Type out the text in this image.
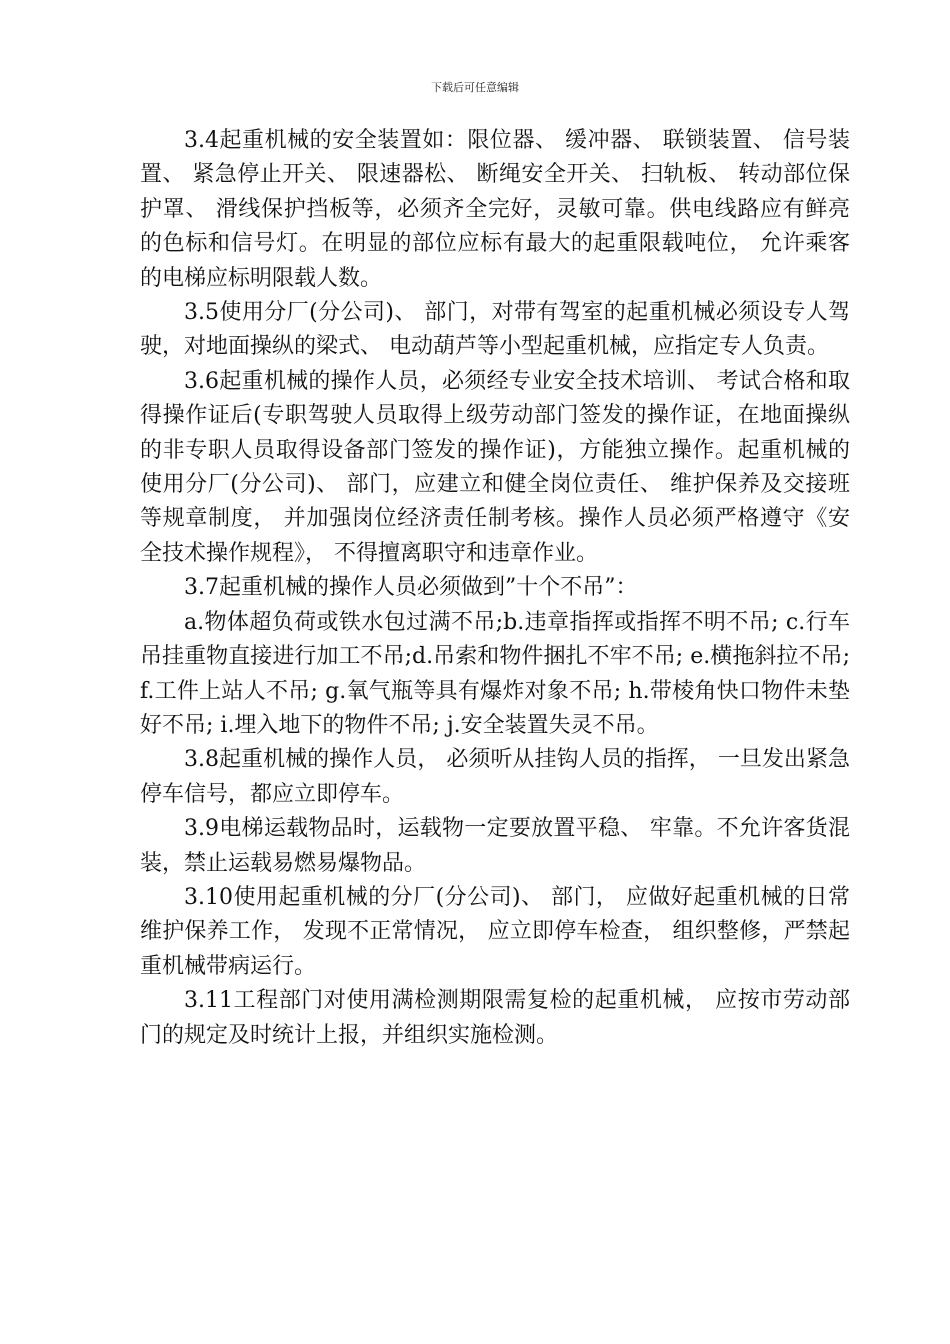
下载后可任意编辑

3.4起重机械的安全装置如：限位器、 缓冲器、 联锁装置、 信号装置、 紧急停止开关、 限速器松、 断绳安全开关、 扫轨板、 转动部位保护罩、 滑线保护挡板等，必须齐全完好，灵敏可靠。供电线路应有鲜亮的色标和信号灯。在明显的部位应标有最大的起重限载吨位， 允许乘客的电梯应标明限载人数。

3.5使用分厂(分公司)、 部门，对带有驾室的起重机械必须设专人驾驶，对地面操纵的梁式、 电动葫芦等小型起重机械，应指定专人负责。

3.6起重机械的操作人员，必须经专业安全技术培训、 考试合格和取得操作证后(专职驾驶人员取得上级劳动部门签发的操作证，在地面操纵的非专职人员取得设备部门签发的操作证)，方能独立操作。起重机械的使用分厂(分公司)、 部门，应建立和健全岗位责任、 维护保养及交接班等规章制度， 并加强岗位经济责任制考核。操作人员必须严格遵守《安全技术操作规程》， 不得擅离职守和违章作业。

3.7起重机械的操作人员必须做到”十个不吊”：

a.物体超负荷或铁水包过满不吊;b.违章指挥或指挥不明不吊; c.行车吊挂重物直接进行加工不吊;d.吊索和物件捆扎不牢不吊; e.横拖斜拉不吊; f.工件上站人不吊; g.氧气瓶等具有爆炸对象不吊; h.带棱角快口物件未垫好不吊; i.埋入地下的物件不吊; j.安全装置失灵不吊。

3.8起重机械的操作人员， 必须听从挂钩人员的指挥， 一旦发出紧急停车信号，都应立即停车。

3.9电梯运载物品时，运载物一定要放置平稳、 牢靠。不允许客货混装，禁止运载易燃易爆物品。

3.10使用起重机械的分厂(分公司)、 部门， 应做好起重机械的日常维护保养工作， 发现不正常情况， 应立即停车检查， 组织整修，严禁起重机械带病运行。

3.11工程部门对使用满检测期限需复检的起重机械， 应按市劳动部门的规定及时统计上报，并组织实施检测。
